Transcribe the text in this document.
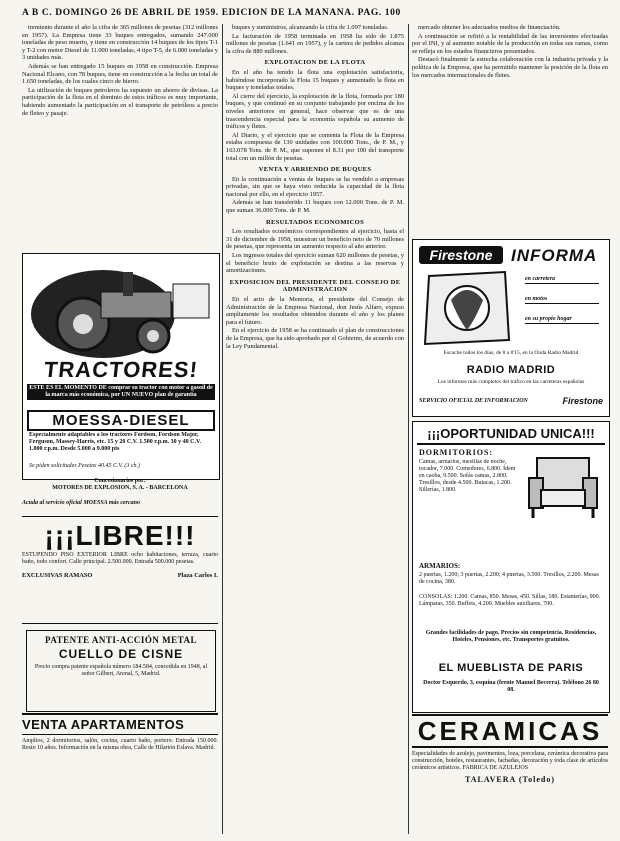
A B C. DOMINGO 26 DE ABRIL DE 1959. EDICION DE LA MAÑANA. PAG. 100

tremiento durante el año la cifra de 365 millones de pesetas (312 millones en 1957). La Empresa tiene 33 buques entregados, sumando 247.000 toneladas de peso muerto, y tiene en construcción 14 buques de los tipos T-1 y T-2 con motor Diesel de 11.000 toneladas, 4 tipo T-5, de 6.000 toneladas y 3 unidades más.

Además se han entregado 15 buques en 1958 en construcción. Empresa Nacional Elcano, con 78 buques, tiene en construcción a la fecha un total de 1.650 toneladas, de los cuales cinco de hierro.

La utilización de buques petroleros ha supuesto un ahorro de divisas. La participación de la flota en el dominio de estos tráficos es muy importante, habiendo aumentado la participación en el transporte de petróleos a precio de fleteo y pasaje.

TRACTORES!
ESTE ES EL MOMENTO DE comprar su tractor con motor a gasoil de la marca más económica, por UN NUEVO plan de garantía
MOESSA-DIESEL
Especialmente adaptables a los tractores Fordson, Fordson Major, Ferguson, Massey-Harris, etc. 15 y 20 C.V. 1.500 r.p.m. 30 y 40 C.V. 1.800 r.p.m. Desde 5.000 a 9.000 pts
Se piden solicitudes Pesetas 40.45 C.V. (3 ch.)
Concesionarios por:
MOTORES DE EXPLOSION, S. A. - BARCELONA
Acuda al servicio oficial MOESSA más cercano
¡¡¡LIBRE!!!
ESTUPENDO PISO EXTERIOR LIBRE ocho habitaciones, terraza, cuarto baño, todo confort. Calle principal. 2.500.000. Entrada 500.000 pesetas.
EXCLUSIVAS RAMASO	Plaza Carlos I.
PATENTE ANTI-ACCIÓN METAL
CUELLO DE CISNE
Precio compra patente española número 184.584, concedida en 1948, al señor Gilbert, Arenal, 5, Madrid.
VENTA APARTAMENTOS
Amplios, 2 dormitorios, salón, cocina, cuarto baño, portero. Entrada 150.000. Resto 10 años. Información en la misma obra, Calle de Hilarión Eslava. Madrid.

buques y suministros, alcanzando la cifra de 1.097 toneladas.

La facturación de 1958 terminada en 1958 ha sido de 1.875 millones de pesetas (1.641 en 1957), y la cartera de pedidos alcanza la cifra de 880 millones.

EXPLOTACION DE LA FLOTA

En el año ha tenido la flota una explotación satisfactoria, habiéndose incorporado la Flota 15 buques y aumentado la flota en buques y toneladas totales.

Al cierre del ejercicio, la explotación de la flota, formada por 180 buques, y que continuó en su conjunto trabajando por encima de los niveles anteriores en general, hace observar que es de una trascendencia especial para la economía española su aumento de tráficos y fletes.

Al Diario, y el ejercicio que se comenta la Flota de la Empresa estaba compuesta de 130 unidades con 100.000 Tons., de P. M., y 163.078 Tons. de P. M., que suponen el 8.31 por 100 del transporte total con un millón de pesetas.

VENTA Y ARRIENDO DE BUQUES

En la continuación a ventas de buques se ha vendido a empresas privadas, sin que se haya visto reducida la capacidad de la flota nacional por ello, en el ejercicio 1957.

Además se han transferido 11 buques con 12.000 Tons. de P. M. que suman 36.000 Tons. de P. M.

RESULTADOS ECONOMICOS

Los resultados económicos correspondientes al ejercicio, hasta el 31 de diciembre de 1958, muestran un beneficio neto de 70 millones de pesetas, que representa un aumento respecto al año anterior.

Los ingresos totales del ejercicio suman 620 millones de pesetas, y el beneficio bruto de explotación se destina a las reservas y amortizaciones.

EXPOSICION DEL PRESIDENTE DEL CONSEJO DE ADMINISTRACION

En el acto de la Memoria, el presidente del Consejo de Administración de la Empresa Nacional, don Jesús Alfaro, expuso ampliamente los resultados obtenidos durante el año y los planes para el futuro.

En el ejercicio de 1958 se ha continuado el plan de construcciones de la Empresa, que ha sido aprobado por el Gobierno, de acuerdo con la Ley Fundamental.

mercado obtener los adecuados medios de financiación.

A continuación se refirió a la rentabilidad de las inversiones efectuadas por el INI, y al aumento notable de la producción en todas sus ramas, como se refleja en los estados financieros presentados.

Destacó finalmente la estrecha colaboración con la industria privada y la política de la Empresa, que ha permitido mantener la posición de la flota en los mercados internacionales de fletes.

Firestone	INFORMA
en carretera
en motos
en su propio hogar
Escuche todos los días, de 8 a 8'15, en la Onda Radio Madrid
RADIO MADRID
Los informes más completos del tráfico en las carreteras españolas
SERVICIO OFICIAL DE INFORMACION	Firestone
¡¡¡OPORTUNIDAD UNICA!!!
DORMITORIOS:
Camas, armarios, mesillas de noche, tocador, 7.000. Comedores, 6.800. Ídem en caoba, 9.500. Sofás camas, 2.800. Tresillos, desde 4.500. Butacas, 1.200. Sillerías, 1.800.
ARMARIOS:
2 puertas, 1.200; 3 puertas, 2.200; 4 puertas, 3.500. Tresillos, 2.200. Mesas de cocina, 380.
CONSOLAS: 1.200. Camas, 850. Mesas, 450. Sillas, 180. Estanterías, 900. Lámparas, 350. Buffets, 4.200. Muebles auxiliares, 700.
Grandes facilidades de pago. Precios sin competencia. Residencias, Hoteles, Pensiones, etc. Transportes gratuitos.
EL MUEBLISTA DE PARIS
Doctor Esquerdo, 3, esquina (frente Manuel Becerra). Teléfono 26 80 08.
CERAMICAS
Especialidades de azulejo, pavimentos, loza, porcelana, cerámica decorativa para construcción, hoteles, restaurantes, fachadas, decoración y toda clase de artículos cerámicos artísticos. FABRICA DE AZULEJOS
TALAVERA (Toledo)
